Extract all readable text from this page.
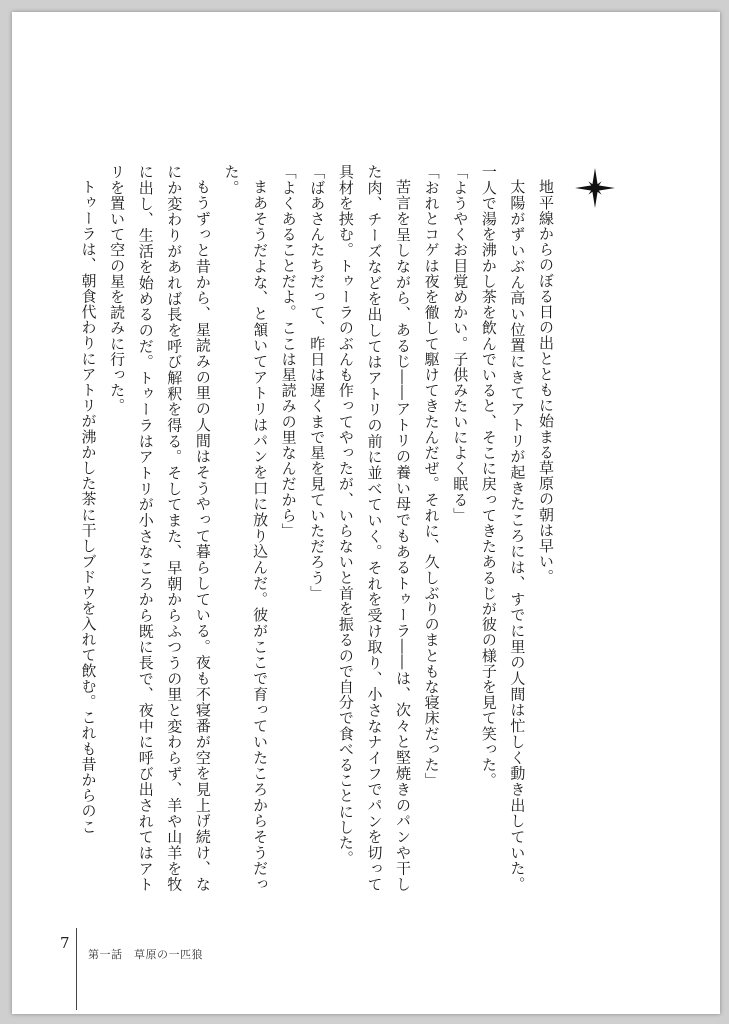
地平線からのぼる日の出とともに始まる草原の朝は早い。

太陽がずいぶん高い位置にきてアトリが起きたころには、すでに里の人間は忙しく動き出していた。一人で湯を沸かし茶を飲んでいると、そこに戻ってきたあるじが彼の様子を見て笑った。

「ようやくお目覚めかい。子供みたいによく眠る」

「おれとコゲは夜を徹して駆けてきたんだぜ。それに、久しぶりのまともな寝床だった」

苦言を呈しながら、あるじ――アトリの養い母でもあるトゥーラ――は、次々と堅焼きのパンや干した肉、チーズなどを出してはアトリの前に並べていく。それを受け取り、小さなナイフでパンを切って具材を挟む。トゥーラのぶんも作ってやったが、いらないと首を振るので自分で食べることにした。

「ばあさんたちだって、昨日は遅くまで星を見ていただろう」

「よくあることだよ。ここは星読みの里なんだから」

まあそうだよな、と頷いてアトリはパンを口に放り込んだ。彼がここで育っていたころからそうだった。

もうずっと昔から、星読みの里の人間はそうやって暮らしている。夜も不寝番が空を見上げ続け、なにか変わりがあれば長を呼び解釈を得る。そしてまた、早朝からふつうの里と変わらず、羊や山羊を牧に出し、生活を始めるのだ。トゥーラはアトリが小さなころから既に長で、夜中に呼び出されてはアトリを置いて空の星を読みに行った。

トゥーラは、朝食代わりにアトリが沸かした茶に干しブドウを入れて飲む。これも昔からのこ

7
第一話　草原の一匹狼
